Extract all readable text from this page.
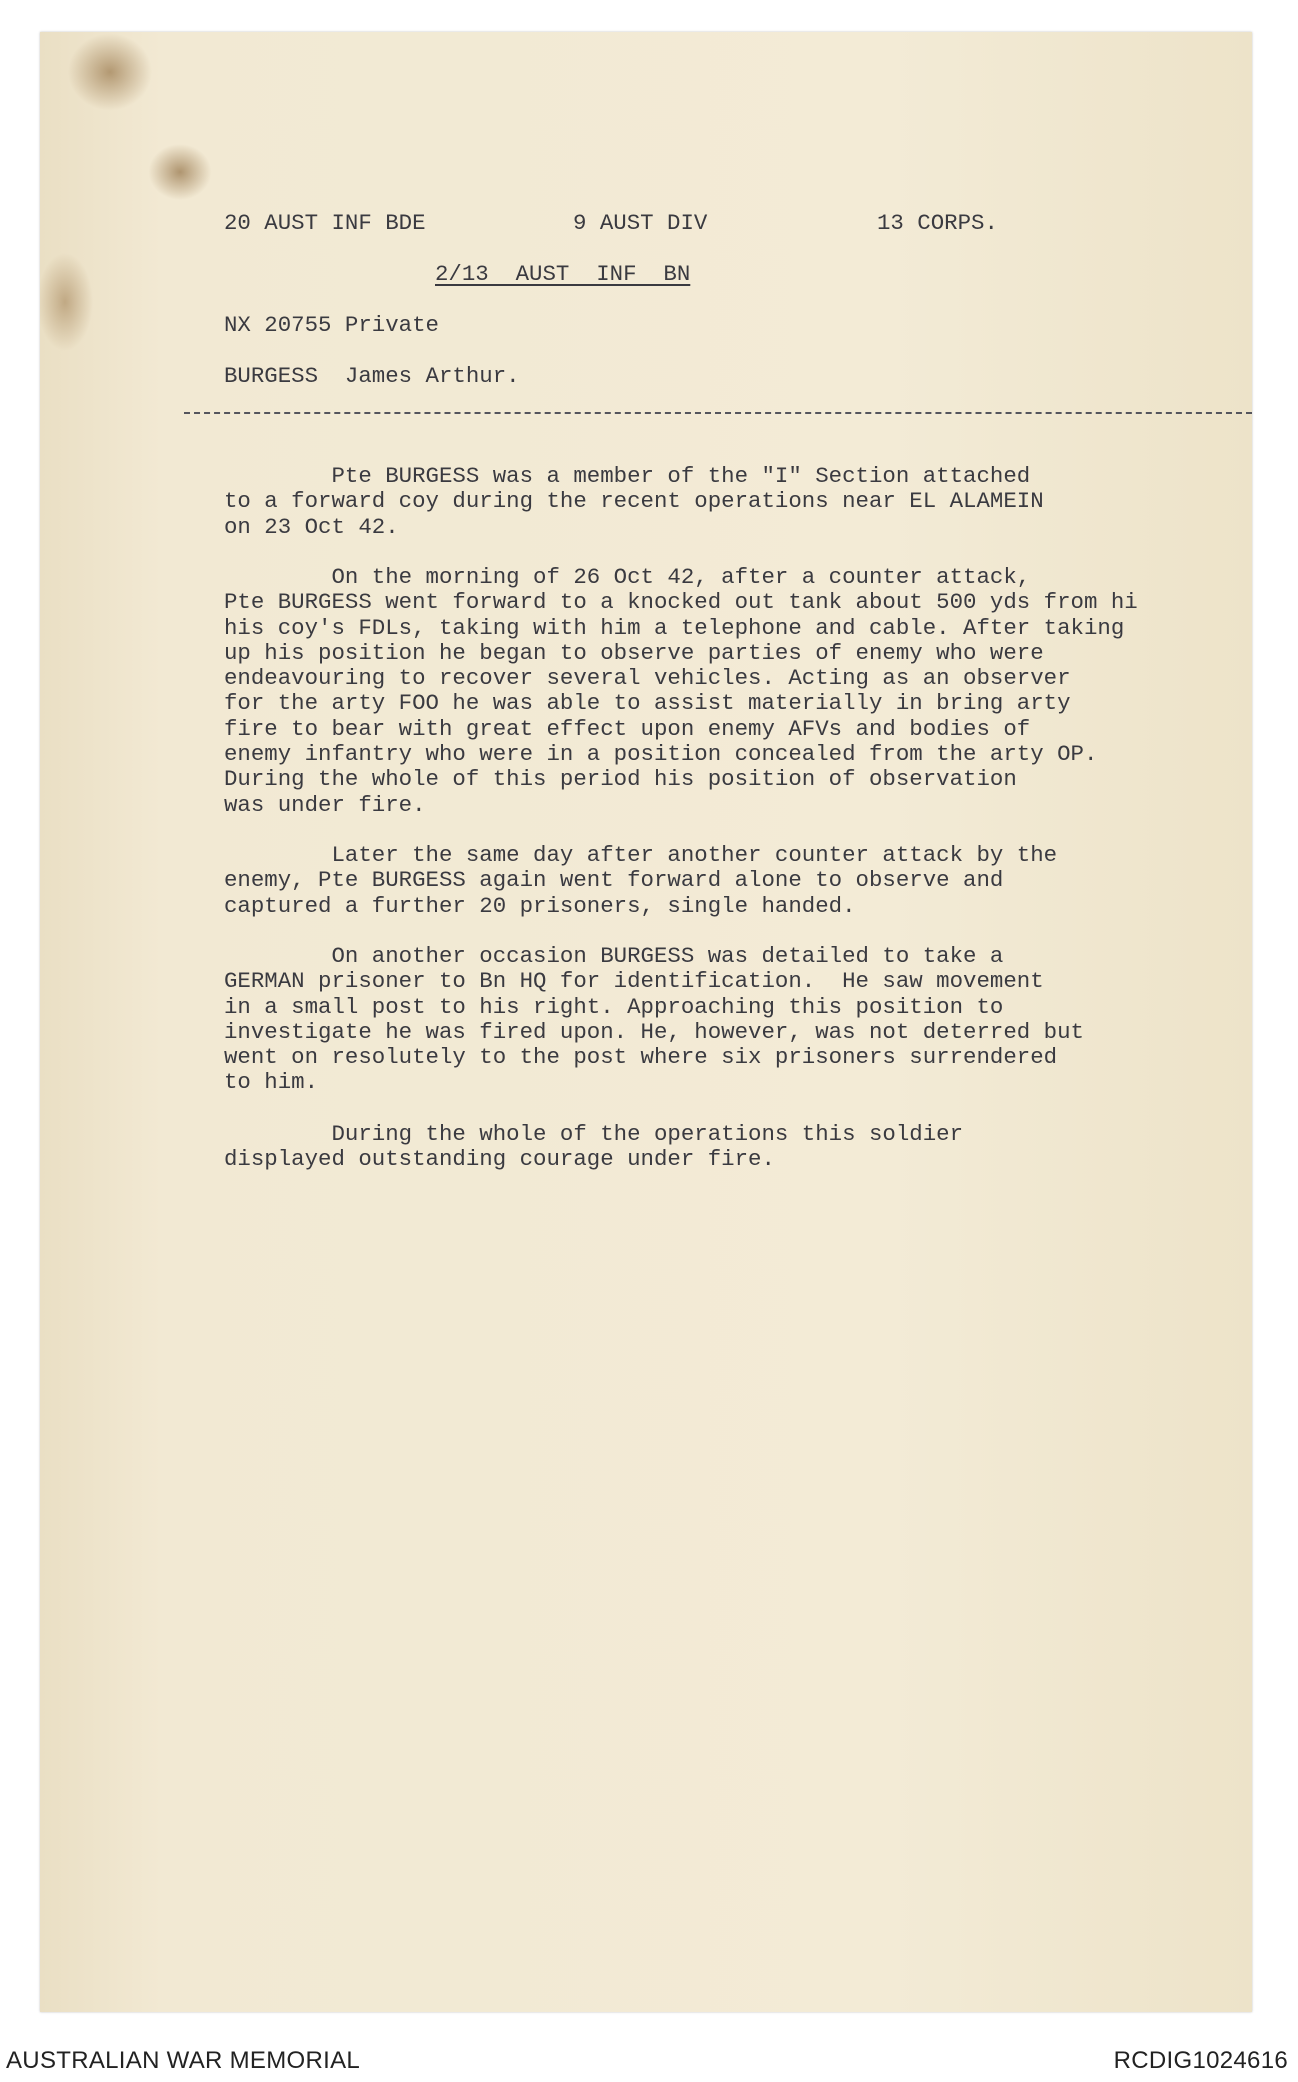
20 AUST INF BDE	9 AUST DIV	13 CORPS.
2/13  AUST  INF  BN
NX 20755 Private
BURGESS  James Arthur.
Pte BURGESS was a member of the "I" Section attached
to a forward coy during the recent operations near EL ALAMEIN
on 23 Oct 42.
On the morning of 26 Oct 42, after a counter attack,
Pte BURGESS went forward to a knocked out tank about 500 yds from hi
his coy's FDLs, taking with him a telephone and cable. After taking
up his position he began to observe parties of enemy who were
endeavouring to recover several vehicles. Acting as an observer
for the arty FOO he was able to assist materially in bring arty
fire to bear with great effect upon enemy AFVs and bodies of
enemy infantry who were in a position concealed from the arty OP.
During the whole of this period his position of observation
was under fire.
Later the same day after another counter attack by the
enemy, Pte BURGESS again went forward alone to observe and
captured a further 20 prisoners, single handed.
On another occasion BURGESS was detailed to take a
GERMAN prisoner to Bn HQ for identification.  He saw movement
in a small post to his right. Approaching this position to
investigate he was fired upon. He, however, was not deterred but
went on resolutely to the post where six prisoners surrendered
to him.
During the whole of the operations this soldier
displayed outstanding courage under fire.
AUSTRALIAN WAR MEMORIAL	RCDIG1024616
